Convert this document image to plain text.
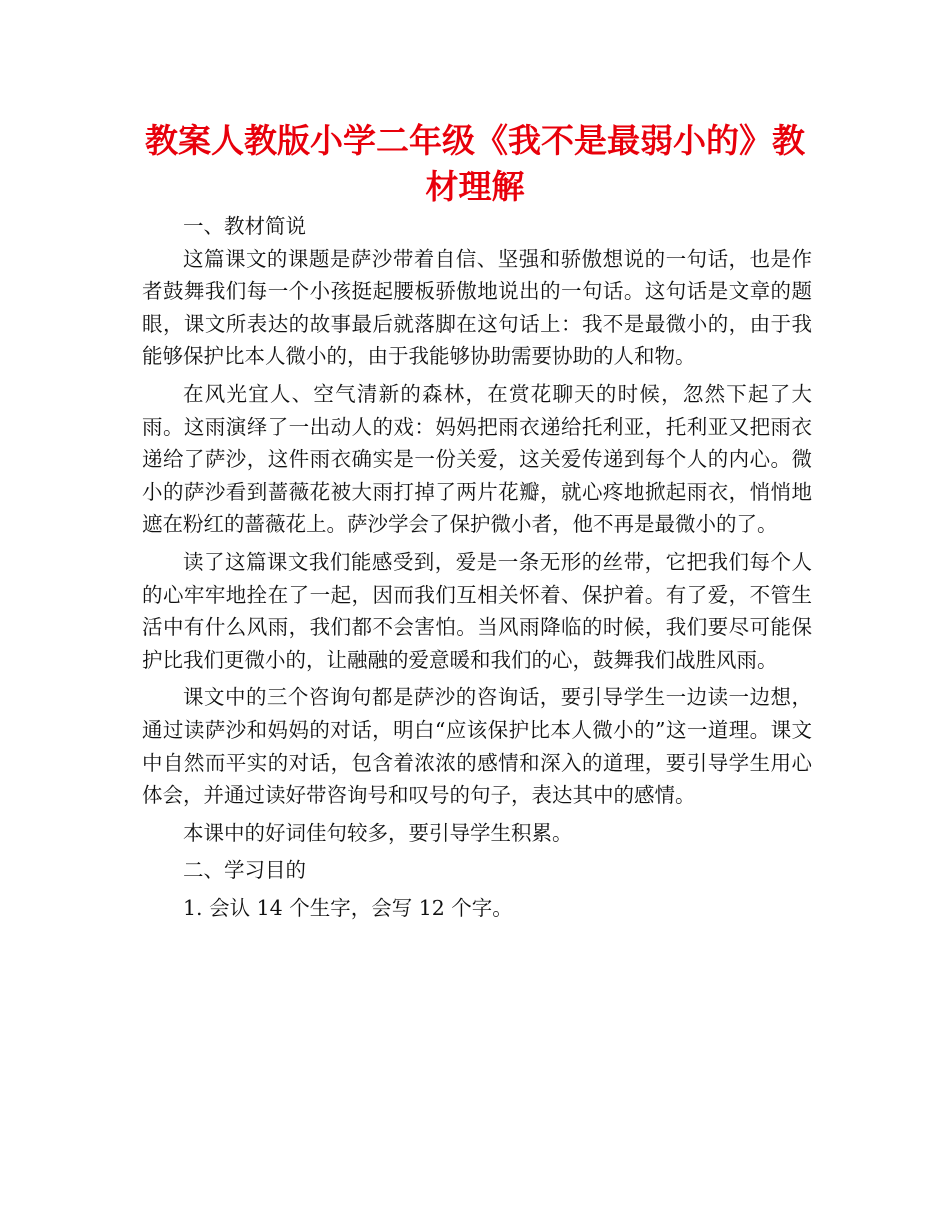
教案人教版小学二年级《我不是最弱小的》教材理解

一、教材简说

这篇课文的课题是萨沙带着自信、坚强和骄傲想说的一句话，也是作者鼓舞我们每一个小孩挺起腰板骄傲地说出的一句话。这句话是文章的题眼，课文所表达的故事最后就落脚在这句话上：我不是最微小的，由于我能够保护比本人微小的，由于我能够协助需要协助的人和物。

在风光宜人、空气清新的森林，在赏花聊天的时候，忽然下起了大雨。这雨演绎了一出动人的戏：妈妈把雨衣递给托利亚，托利亚又把雨衣递给了萨沙，这件雨衣确实是一份关爱，这关爱传递到每个人的内心。微小的萨沙看到蔷薇花被大雨打掉了两片花瓣，就心疼地掀起雨衣，悄悄地遮在粉红的蔷薇花上。萨沙学会了保护微小者，他不再是最微小的了。

读了这篇课文我们能感受到，爱是一条无形的丝带，它把我们每个人的心牢牢地拴在了一起，因而我们互相关怀着、保护着。有了爱，不管生活中有什么风雨，我们都不会害怕。当风雨降临的时候，我们要尽可能保护比我们更微小的，让融融的爱意暖和我们的心，鼓舞我们战胜风雨。

课文中的三个咨询句都是萨沙的咨询话，要引导学生一边读一边想，通过读萨沙和妈妈的对话，明白“应该保护比本人微小的”这一道理。课文中自然而平实的对话，包含着浓浓的感情和深入的道理，要引导学生用心体会，并通过读好带咨询号和叹号的句子，表达其中的感情。

本课中的好词佳句较多，要引导学生积累。

二、学习目的

1. 会认 14 个生字，会写 12 个字。
